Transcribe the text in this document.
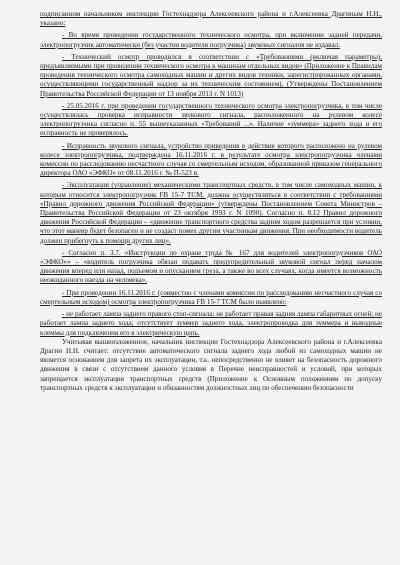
подписанном начальником инспекции Гостехнадзора Алексеевского района и г.Алексеевка Драгиным Н.Н., указано:

- Во время проведения государственного технического осмотра, при включении задней передачи, электропогрузчик автоматически (без участия водителя погрузчика) звуковых сигналов не издавал.

- Технический осмотр проводился в соответствии с «Требованиями (включая параметры), предъявляемыми при проведении технического осмотра к машинам отдельных видов» (Приложение к Правилам проведения технического осмотра самоходных машин и других видов техники, зарегистрированных органами, осуществляющими государственный надзор за их техническим состоянием), (Утверждены Постановлением Правительства Российской Федерации от 13 ноября 2013 г. N 1013)

- 25.05.2016 г. при проведении государственного технического осмотра электропогрузчика, в том числе осуществлялась проверка исправности звукового сигнала, расположенного на рулевом колесе электропогрузчика согласно п. 55 вышеуказанных «Требований ...». Наличие «зуммера» заднего хода и его исправность не проверялось.

- Исправность звукового сигнала, устройство приведения в действие которого расположено на рулевом колесе электропогрузчика, подтверждена 16.11.2016 г. в результате осмотра электропогрузчика членами комиссии по расследованию несчастного случая со смертельным исходом, образованной приказом генерального директора ОАО «ЭФКО» от 08.11.2016 г. № П-523 в.

- Эксплуатация (управление) механическими транспортных средств, в том числе самоходных машин, к которым относится электропогрузчик FB 15-7 TCM, должна осуществляться в соответствии с требованиями «Правил дорожного движения Российской Федерации» (утверждены Постановлением Совета Министров – Правительства Российской Федерации от 23 октября 1993 г. N 1090). Согласно п. 8.12 Правил дорожного движения Российской Федерации – «движение транспортного средства задним ходом разрешается при условии, что этот маневр будет безопасен и не создаст помех другим участникам движения. При необходимости водитель должен прибегнуть к помощи других лиц».

- Согласно п. 3.7. «Инструкции по охране труда № 167 для водителей электропогрузчиков ОАО «ЭФКО»» – «водитель погрузчика обязан подавать предупредительный звуковой сигнал перед началом движения вперед или назад, подъемом и опусканием груза, а также во всех случаях, когда имеется возможность неожиданного наезда на человека».

- При проведении 16.11.2016 г. (совместно с членами комиссии по расследованию несчастного случая со смертельным исходом) осмотра электропогрузчика FB 15-7 TCM было выявлено:

- не работает лампа заднего правого стоп-сигнала; не работает правая задняя лампа габаритных огней; не работает лампа заднего хода; отсутствует зуммер заднего хода, электропроводка для зуммера и выводные клеммы для подключения его в электрическую цепь.

Учитывая вышеизложенное, начальник инспекции Гостехнадзора Алексеевского района и г.Алексеевка Драгин Н.Н. считает: отсутствие автоматического сигнала заднего хода любой из самоходных машин не является основанием для запрета их эксплуатации, т.к. непосредственно не влияет на безопасность дорожного движения в связи с отсутствием данного условия в Перечне неисправностей и условий, при которых запрещается эксплуатация транспортных средств (Приложение к Основным положениям по допуску транспортных средств к эксплуатации и обязанностям должностных лиц по обеспечению безопасности
